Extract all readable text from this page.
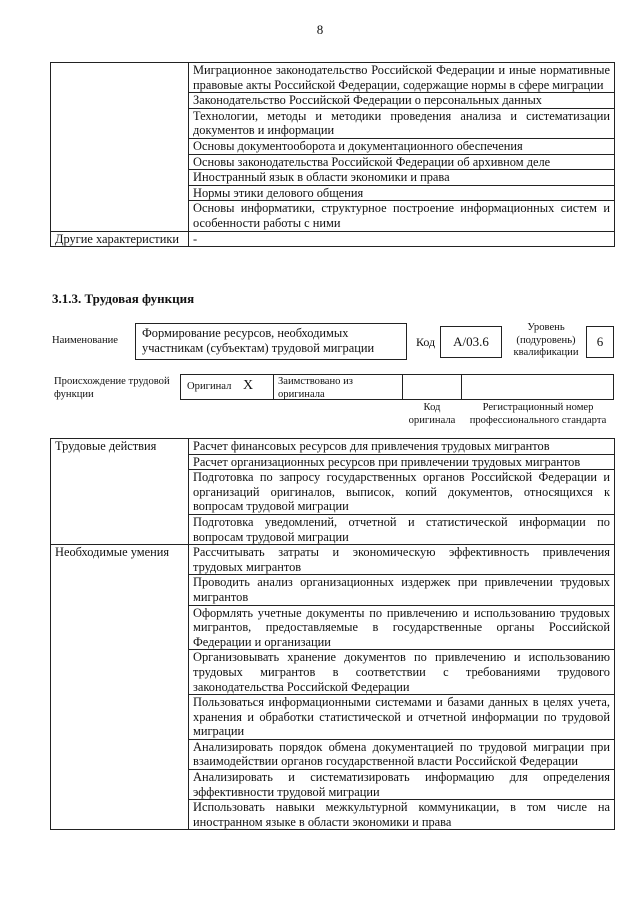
8
	Миграционное законодательство Российской Федерации и иные нормативные правовые акты Российской Федерации, содержащие нормы в сфере миграции
	Законодательство Российской Федерации о персональных данных
	Технологии, методы и методики проведения анализа и систематизации документов и информации
	Основы документооборота и документационного обеспечения
	Основы законодательства Российской Федерации об архивном деле
	Иностранный язык в области экономики и права
	Нормы этики делового общения
	Основы информатики, структурное построение информационных систем и особенности работы с ними
Другие характеристики	-
3.1.3. Трудовая функция
Наименование
Формирование ресурсов, необходимых участникам (субъектам) трудовой миграции	Код	А/03.6
Уровень (подуровень) квалификации
6
Происхождение трудовой функции
Оригинал X Заимствовано из оригинала
Код оригинала
Регистрационный номер профессионального стандарта
Трудовые действия	Расчет финансовых ресурсов для привлечения трудовых мигрантов
	Расчет организационных ресурсов при привлечении трудовых мигрантов
	Подготовка по запросу государственных органов Российской Федерации и организаций оригиналов, выписок, копий документов, относящихся к вопросам трудовой миграции
	Подготовка уведомлений, отчетной и статистической информации по вопросам трудовой миграции
Необходимые умения	Рассчитывать затраты и экономическую эффективность привлечения трудовых мигрантов
	Проводить анализ организационных издержек при привлечении трудовых мигрантов
	Оформлять учетные документы по привлечению и использованию трудовых мигрантов, предоставляемые в государственные органы Российской Федерации и организации
	Организовывать хранение документов по привлечению и использованию трудовых мигрантов в соответствии с требованиями трудового законодательства Российской Федерации
	Пользоваться информационными системами и базами данных в целях учета, хранения и обработки статистической и отчетной информации по трудовой миграции
	Анализировать порядок обмена документацией по трудовой миграции при взаимодействии органов государственной власти Российской Федерации
	Анализировать и систематизировать информацию для определения эффективности трудовой миграции
	Использовать навыки межкультурной коммуникации, в том числе на иностранном языке в области экономики и права
